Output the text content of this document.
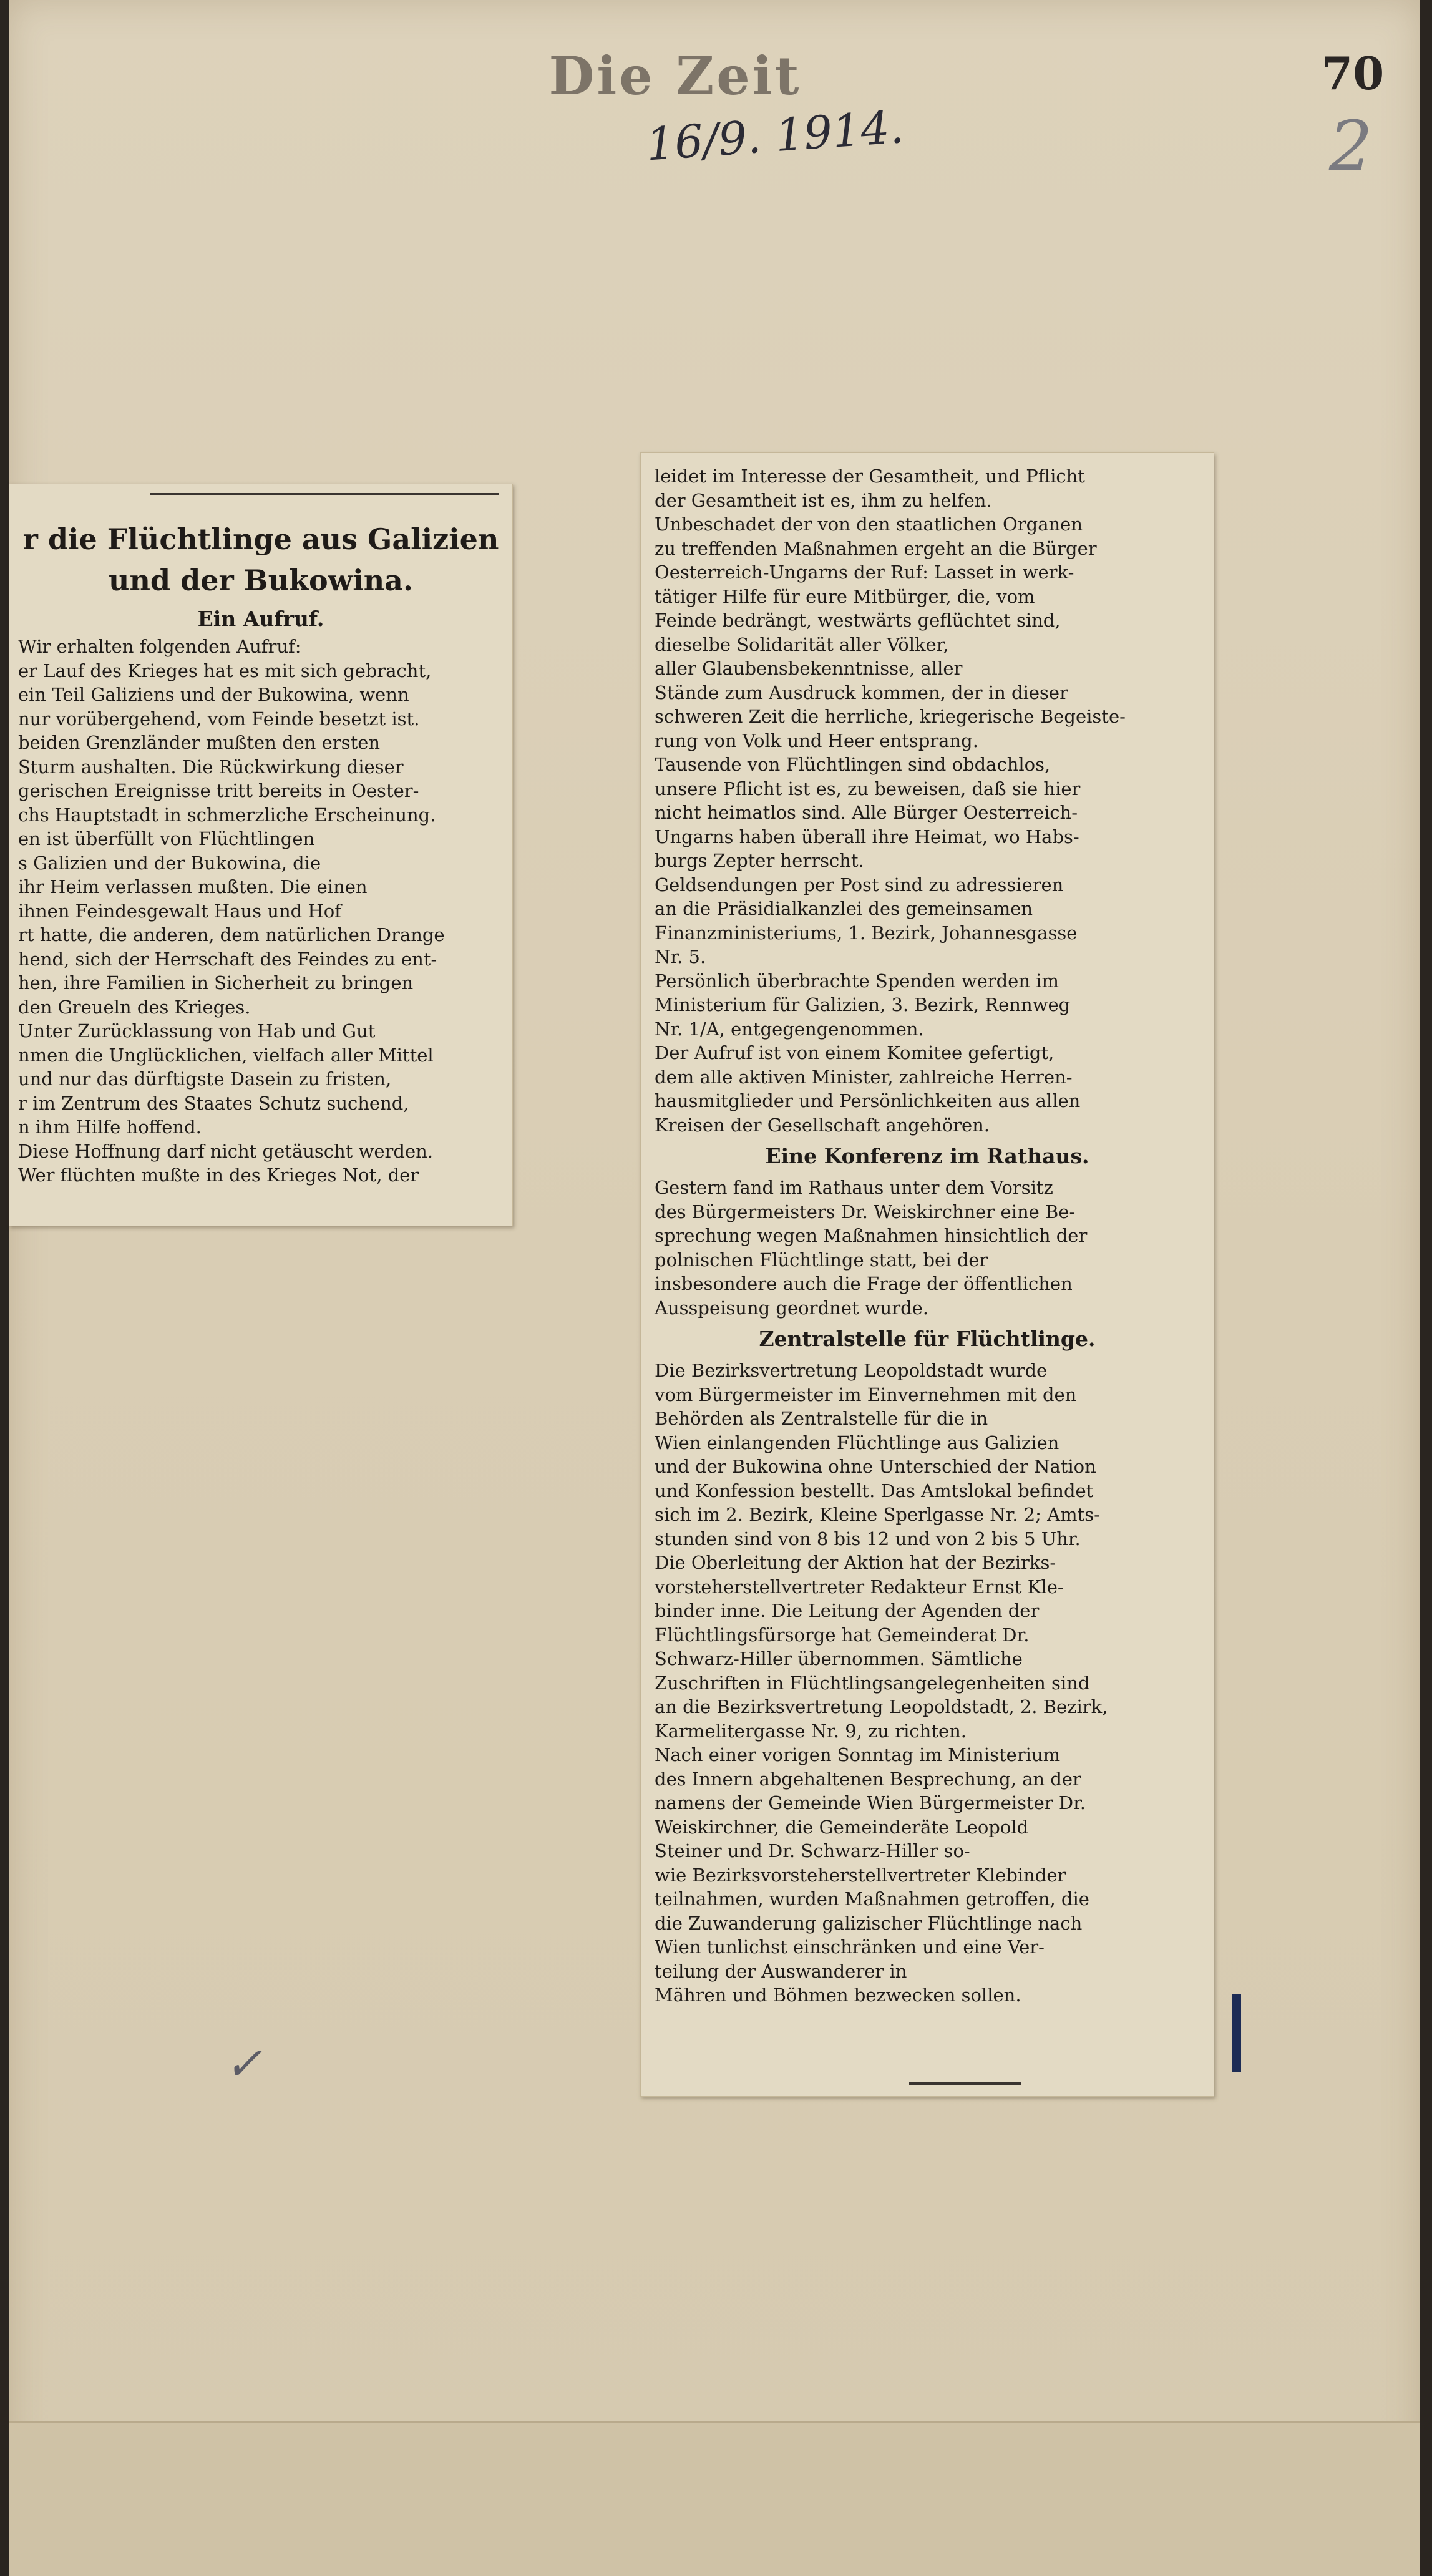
Die Zeit
16/9. 1914.
70
2
✓

r die Flüchtlinge aus Galizien

und der Bukowina.

Ein Aufruf.

Wir erhalten folgenden Aufruf:
er Lauf des Krieges hat es mit sich gebracht,
ein Teil Galiziens und der Bukowina, wenn
nur vorübergehend, vom Feinde besetzt ist.
beiden Grenzländer mußten den ersten
Sturm aushalten. Die Rückwirkung dieser
gerischen Ereignisse tritt bereits in Oester-
chs Hauptstadt in schmerzliche Erscheinung.
en ist überfüllt von Flüchtlingen
s Galizien und der Bukowina, die
ihr Heim verlassen mußten. Die einen
ihnen Feindesgewalt Haus und Hof
rt hatte, die anderen, dem natürlichen Drange
hend, sich der Herrschaft des Feindes zu ent-
hen, ihre Familien in Sicherheit zu bringen
den Greueln des Krieges.

Unter Zurücklassung von Hab und Gut
nmen die Unglücklichen, vielfach aller Mittel
und nur das dürftigste Dasein zu fristen,
r im Zentrum des Staates Schutz suchend,
n ihm Hilfe hoffend.

Diese Hoffnung darf nicht getäuscht werden.
Wer flüchten mußte in des Krieges Not, der

leidet im Interesse der Gesamtheit, und Pflicht
der Gesamtheit ist es, ihm zu helfen.

Unbeschadet der von den staatlichen Organen
zu treffenden Maßnahmen ergeht an die Bürger
Oesterreich-Ungarns der Ruf: Lasset in werk-
tätiger Hilfe für eure Mitbürger, die, vom
Feinde bedrängt, westwärts geflüchtet sind,
dieselbe Solidarität aller Völker,
aller Glaubensbekenntnisse, aller
Stände zum Ausdruck kommen, der in dieser
schweren Zeit die herrliche, kriegerische Begeiste-
rung von Volk und Heer entsprang.

Tausende von Flüchtlingen sind obdachlos,
unsere Pflicht ist es, zu beweisen, daß sie hier
nicht heimatlos sind. Alle Bürger Oesterreich-
Ungarns haben überall ihre Heimat, wo Habs-
burgs Zepter herrscht.

Geldsendungen per Post sind zu adressieren
an die Präsidialkanzlei des gemeinsamen
Finanzministeriums, 1. Bezirk, Johannesgasse
Nr. 5.

Persönlich überbrachte Spenden werden im
Ministerium für Galizien, 3. Bezirk, Rennweg
Nr. 1/A, entgegengenommen.

Der Aufruf ist von einem Komitee gefertigt,
dem alle aktiven Minister, zahlreiche Herren-
hausmitglieder und Persönlichkeiten aus allen
Kreisen der Gesellschaft angehören.

Eine Konferenz im Rathaus.

Gestern fand im Rathaus unter dem Vorsitz
des Bürgermeisters Dr. Weiskirchner eine Be-
sprechung wegen Maßnahmen hinsichtlich der
polnischen Flüchtlinge statt, bei der
insbesondere auch die Frage der öffentlichen
Ausspeisung geordnet wurde.

Zentralstelle für Flüchtlinge.

Die Bezirksvertretung Leopoldstadt wurde
vom Bürgermeister im Einvernehmen mit den
Behörden als Zentralstelle für die in
Wien einlangenden Flüchtlinge aus Galizien
und der Bukowina ohne Unterschied der Nation
und Konfession bestellt. Das Amtslokal befindet
sich im 2. Bezirk, Kleine Sperlgasse Nr. 2; Amts-
stunden sind von 8 bis 12 und von 2 bis 5 Uhr.
Die Oberleitung der Aktion hat der Bezirks-
vorsteherstellvertreter Redakteur Ernst Kle-
binder inne. Die Leitung der Agenden der
Flüchtlingsfürsorge hat Gemeinderat Dr.
Schwarz-Hiller übernommen. Sämtliche
Zuschriften in Flüchtlingsangelegenheiten sind
an die Bezirksvertretung Leopoldstadt, 2. Bezirk,
Karmelitergasse Nr. 9, zu richten.

Nach einer vorigen Sonntag im Ministerium
des Innern abgehaltenen Besprechung, an der
namens der Gemeinde Wien Bürgermeister Dr.
Weiskirchner, die Gemeinderäte Leopold
Steiner und Dr. Schwarz-Hiller so-
wie Bezirksvorsteherstellvertreter Klebinder
teilnahmen, wurden Maßnahmen getroffen, die
die Zuwanderung galizischer Flüchtlinge nach
Wien tunlichst einschränken und eine Ver-
teilung der Auswanderer in
Mähren und Böhmen bezwecken sollen.
